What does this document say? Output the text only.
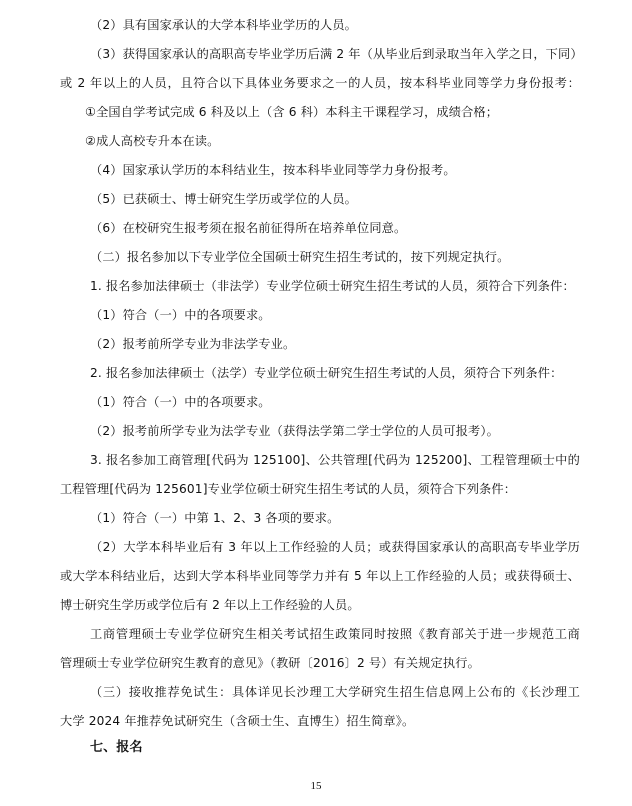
（2）具有国家承认的大学本科毕业学历的人员。
（3）获得国家承认的高职高专毕业学历后满 2 年（从毕业后到录取当年入学之日，下同）
或 2 年以上的人员，且符合以下具体业务要求之一的人员，按本科毕业同等学力身份报考：
①全国自学考试完成 6 科及以上（含 6 科）本科主干课程学习，成绩合格；
②成人高校专升本在读。
（4）国家承认学历的本科结业生，按本科毕业同等学力身份报考。
（5）已获硕士、博士研究生学历或学位的人员。
（6）在校研究生报考须在报名前征得所在培养单位同意。
（二）报名参加以下专业学位全国硕士研究生招生考试的，按下列规定执行。
1. 报名参加法律硕士（非法学）专业学位硕士研究生招生考试的人员，须符合下列条件：
（1）符合（一）中的各项要求。
（2）报考前所学专业为非法学专业。
2. 报名参加法律硕士（法学）专业学位硕士研究生招生考试的人员，须符合下列条件：
（1）符合（一）中的各项要求。
（2）报考前所学专业为法学专业（获得法学第二学士学位的人员可报考）。
3. 报名参加工商管理[代码为 125100]、公共管理[代码为 125200]、工程管理硕士中的
工程管理[代码为 125601]专业学位硕士研究生招生考试的人员，须符合下列条件：
（1）符合（一）中第 1、2、3 各项的要求。
（2）大学本科毕业后有 3 年以上工作经验的人员；或获得国家承认的高职高专毕业学历
或大学本科结业后，达到大学本科毕业同等学力并有 5 年以上工作经验的人员；或获得硕士、
博士研究生学历或学位后有 2 年以上工作经验的人员。
工商管理硕士专业学位研究生相关考试招生政策同时按照《教育部关于进一步规范工商
管理硕士专业学位研究生教育的意见》（教研〔2016〕2 号）有关规定执行。
（三）接收推荐免试生：具体详见长沙理工大学研究生招生信息网上公布的《长沙理工
大学 2024 年推荐免试研究生（含硕士生、直博生）招生简章》。
七、报名
15
